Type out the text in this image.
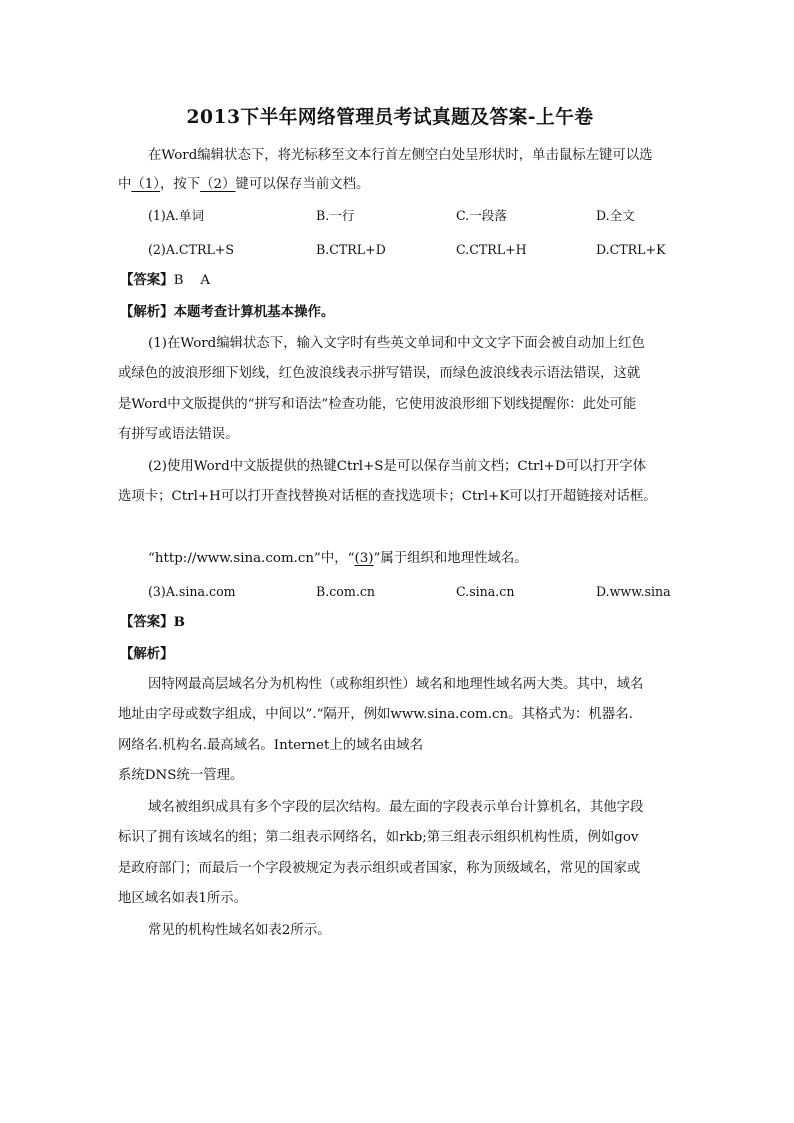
2013下半年网络管理员考试真题及答案-上午卷
在Word编辑状态下，将光标移至文本行首左侧空白处呈形状时，单击鼠标左键可以选
中（1），按下（2）键可以保存当前文档。
(1)A.单词	B.一行	C.一段落	D.全文
(2)A.CTRL+S	B.CTRL+D	C.CTRL+H	D.CTRL+K
【答案】B    A
【解析】本题考查计算机基本操作。
(1)在Word编辑状态下，输入文字时有些英文单词和中文文字下面会被自动加上红色
或绿色的波浪形细下划线，红色波浪线表示拼写错误，而绿色波浪线表示语法错误，这就
是Word中文版提供的“拼写和语法”检查功能，它使用波浪形细下划线提醒你：此处可能
有拼写或语法错误。
(2)使用Word中文版提供的热键Ctrl+S是可以保存当前文档；Ctrl+D可以打开字体
选项卡；Ctrl+H可以打开查找替换对话框的查找选项卡；Ctrl+K可以打开超链接对话框。
“http://www.sina.com.cn”中，“(3)”属于组织和地理性域名。
(3)A.sina.com	B.com.cn	C.sina.cn	D.www.sina
【答案】B
【解析】
因特网最高层域名分为机构性（或称组织性）域名和地理性域名两大类。其中，域名
地址由字母或数字组成，中间以”.“隔开，例如www.sina.com.cn。其格式为：机器名.
网络名.机构名.最高域名。Internet上的域名由域名
系统DNS统一管理。
域名被组织成具有多个字段的层次结构。最左面的字段表示单台计算机名，其他字段
标识了拥有该域名的组；第二组表示网络名，如rkb;第三组表示组织机构性质，例如gov
是政府部门；而最后一个字段被规定为表示组织或者国家，称为顶级域名，常见的国家或
地区域名如表1所示。
常见的机构性域名如表2所示。
